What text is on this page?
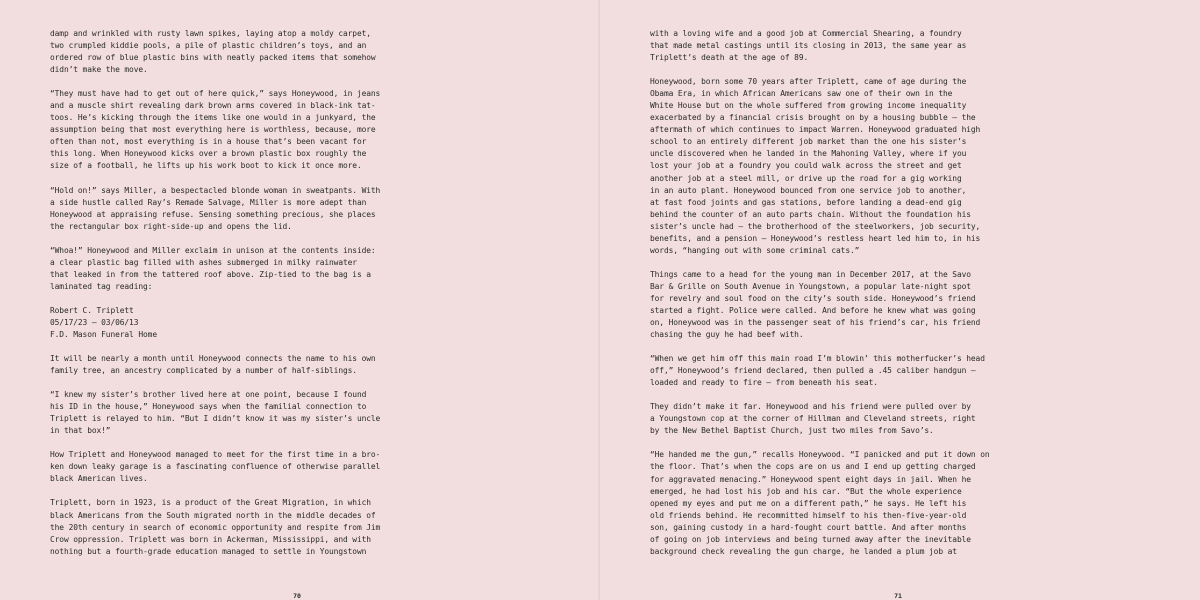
damp and wrinkled with rusty lawn spikes, laying atop a moldy carpet,
two crumpled kiddie pools, a pile of plastic children’s toys, and an
ordered row of blue plastic bins with neatly packed items that somehow
didn’t make the move.

“They must have had to get out of here quick,” says Honeywood, in jeans
and a muscle shirt revealing dark brown arms covered in black-ink tat-
toos. He’s kicking through the items like one would in a junkyard, the
assumption being that most everything here is worthless, because, more
often than not, most everything is in a house that’s been vacant for
this long. When Honeywood kicks over a brown plastic box roughly the
size of a football, he lifts up his work boot to kick it once more.

“Hold on!” says Miller, a bespectacled blonde woman in sweatpants. With
a side hustle called Ray’s Remade Salvage, Miller is more adept than
Honeywood at appraising refuse. Sensing something precious, she places
the rectangular box right-side-up and opens the lid.

“Whoa!” Honeywood and Miller exclaim in unison at the contents inside:
a clear plastic bag filled with ashes submerged in milky rainwater
that leaked in from the tattered roof above. Zip-tied to the bag is a
laminated tag reading:

Robert C. Triplett
05/17/23 – 03/06/13
F.D. Mason Funeral Home

It will be nearly a month until Honeywood connects the name to his own
family tree, an ancestry complicated by a number of half-siblings.

“I knew my sister’s brother lived here at one point, because I found
his ID in the house,” Honeywood says when the familial connection to
Triplett is relayed to him. “But I didn’t know it was my sister’s uncle
in that box!”

How Triplett and Honeywood managed to meet for the first time in a bro-
ken down leaky garage is a fascinating confluence of otherwise parallel
black American lives.

Triplett, born in 1923, is a product of the Great Migration, in which
black Americans from the South migrated north in the middle decades of
the 20th century in search of economic opportunity and respite from Jim
Crow oppression. Triplett was born in Ackerman, Mississippi, and with
nothing but a fourth-grade education managed to settle in Youngstown

70

with a loving wife and a good job at Commercial Shearing, a foundry
that made metal castings until its closing in 2013, the same year as
Triplett’s death at the age of 89.

Honeywood, born some 70 years after Triplett, came of age during the
Obama Era, in which African Americans saw one of their own in the
White House but on the whole suffered from growing income inequality
exacerbated by a financial crisis brought on by a housing bubble — the
aftermath of which continues to impact Warren. Honeywood graduated high
school to an entirely different job market than the one his sister’s
uncle discovered when he landed in the Mahoning Valley, where if you
lost your job at a foundry you could walk across the street and get
another job at a steel mill, or drive up the road for a gig working
in an auto plant. Honeywood bounced from one service job to another,
at fast food joints and gas stations, before landing a dead-end gig
behind the counter of an auto parts chain. Without the foundation his
sister’s uncle had — the brotherhood of the steelworkers, job security,
benefits, and a pension — Honeywood’s restless heart led him to, in his
words, “hanging out with some criminal cats.”

Things came to a head for the young man in December 2017, at the Savo
Bar & Grille on South Avenue in Youngstown, a popular late-night spot
for revelry and soul food on the city’s south side. Honeywood’s friend
started a fight. Police were called. And before he knew what was going
on, Honeywood was in the passenger seat of his friend’s car, his friend
chasing the guy he had beef with.

“When we get him off this main road I’m blowin’ this motherfucker’s head
off,” Honeywood’s friend declared, then pulled a .45 caliber handgun —
loaded and ready to fire — from beneath his seat.

They didn’t make it far. Honeywood and his friend were pulled over by
a Youngstown cop at the corner of Hillman and Cleveland streets, right
by the New Bethel Baptist Church, just two miles from Savo’s.

“He handed me the gun,” recalls Honeywood. “I panicked and put it down on
the floor. That’s when the cops are on us and I end up getting charged
for aggravated menacing.” Honeywood spent eight days in jail. When he
emerged, he had lost his job and his car. “But the whole experience
opened my eyes and put me on a different path,” he says. He left his
old friends behind. He recommitted himself to his then-five-year-old
son, gaining custody in a hard-fought court battle. And after months
of going on job interviews and being turned away after the inevitable
background check revealing the gun charge, he landed a plum job at

71
